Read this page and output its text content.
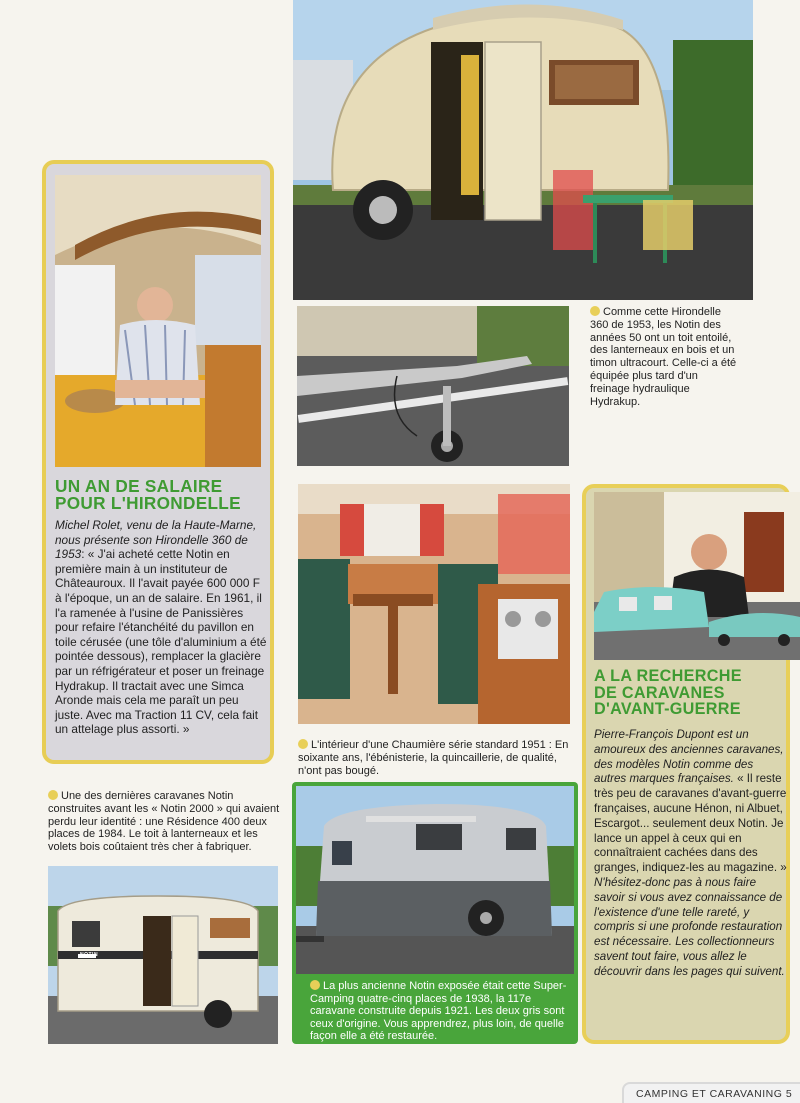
Comme cette Hirondelle 360 de 1953, les Notin des années 50 ont un toit entoilé, des lanterneaux en bois et un timon ultracourt. Celle-ci a été équipée plus tard d'un freinage hydraulique Hydrakup.
UN AN DE SALAIRE
POUR L'HIRONDELLE
Michel Rolet, venu de la Haute-Marne, nous présente son Hirondelle 360 de 1953: « J'ai acheté cette Notin en première main à un instituteur de Châteauroux. Il l'avait payée 600 000 F à l'époque, un an de salaire. En 1961, il l'a ramenée à l'usine de Panissières pour refaire l'étanchéité du pavillon en toile cérusée (une tôle d'aluminium a été pointée dessous), remplacer la glacière par un réfrigérateur et poser un freinage Hydrakup. Il tractait avec une Simca Aronde mais cela me paraît un peu juste. Avec ma Traction 11 CV, cela fait un attelage plus assorti. »
L'intérieur d'une Chaumière série standard 1951 : En soixante ans, l'ébénisterie, la quincaillerie, de qualité, n'ont pas bougé.
Une des dernières caravanes Notin construites avant les « Notin 2000 » qui avaient perdu leur identité : une Résidence 400 deux places de 1984. Le toit à lanterneaux et les volets bois coûtaient très cher à fabriquer.
NOTIN
La plus ancienne Notin exposée était cette Super-Camping quatre-cinq places de 1938, la 117e caravane construite depuis 1921. Les deux gris sont ceux d'origine. Vous apprendrez, plus loin, de quelle façon elle a été restaurée.
A LA RECHERCHE
DE CARAVANES
D'AVANT-GUERRE
Pierre-François Dupont est un amoureux des anciennes caravanes, des modèles Notin comme des autres marques françaises. « Il reste très peu de caravanes d'avant-guerre françaises, aucune Hénon, ni Albuet, Escargot... seulement deux Notin. Je lance un appel à ceux qui en connaîtraient cachées dans des granges, indiquez-les au magazine. » N'hésitez-donc pas à nous faire savoir si vous avez connaissance de l'existence d'une telle rareté, y compris si une profonde restauration est nécessaire. Les collectionneurs savent tout faire, vous allez le découvrir dans les pages qui suivent.
CAMPING ET CARAVANING 5
